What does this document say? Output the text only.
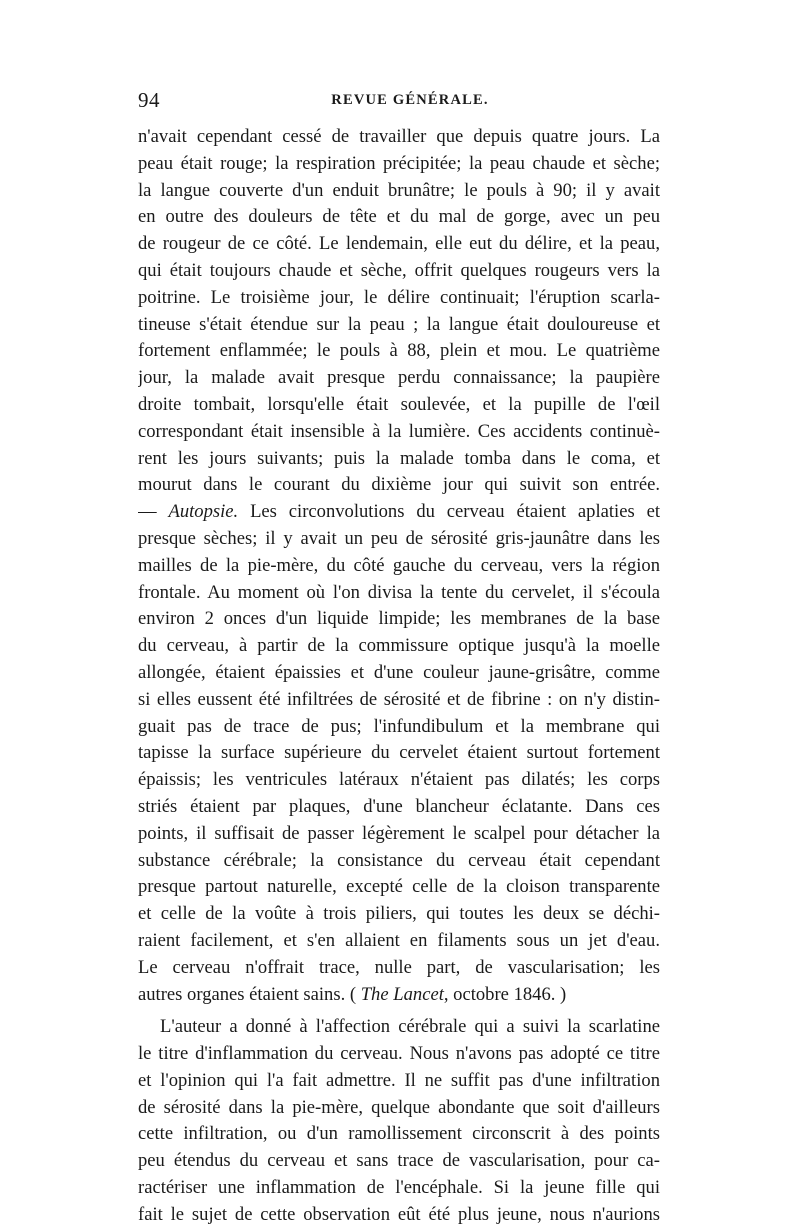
94	REVUE GÉNÉRALE.
n'avait cependant cessé de travailler que depuis quatre jours. La
peau était rouge; la respiration précipitée; la peau chaude et sèche;
la langue couverte d'un enduit brunâtre; le pouls à 90; il y avait
en outre des douleurs de tête et du mal de gorge, avec un peu
de rougeur de ce côté. Le lendemain, elle eut du délire, et la peau,
qui était toujours chaude et sèche, offrit quelques rougeurs vers la
poitrine. Le troisième jour, le délire continuait; l'éruption scarla-
tineuse s'était étendue sur la peau ; la langue était douloureuse et
fortement enflammée; le pouls à 88, plein et mou. Le quatrième
jour, la malade avait presque perdu connaissance; la paupière
droite tombait, lorsqu'elle était soulevée, et la pupille de l'œil
correspondant était insensible à la lumière. Ces accidents continuè-
rent les jours suivants; puis la malade tomba dans le coma, et
mourut dans le courant du dixième jour qui suivit son entrée.
— Autopsie. Les circonvolutions du cerveau étaient aplaties et
presque sèches; il y avait un peu de sérosité gris-jaunâtre dans les
mailles de la pie-mère, du côté gauche du cerveau, vers la région
frontale. Au moment où l'on divisa la tente du cervelet, il s'écoula
environ 2 onces d'un liquide limpide; les membranes de la base
du cerveau, à partir de la commissure optique jusqu'à la moelle
allongée, étaient épaissies et d'une couleur jaune-grisâtre, comme
si elles eussent été infiltrées de sérosité et de fibrine : on n'y distin-
guait pas de trace de pus; l'infundibulum et la membrane qui
tapisse la surface supérieure du cervelet étaient surtout fortement
épaissis; les ventricules latéraux n'étaient pas dilatés; les corps
striés étaient par plaques, d'une blancheur éclatante. Dans ces
points, il suffisait de passer légèrement le scalpel pour détacher la
substance cérébrale; la consistance du cerveau était cependant
presque partout naturelle, excepté celle de la cloison transparente
et celle de la voûte à trois piliers, qui toutes les deux se déchi-
raient facilement, et s'en allaient en filaments sous un jet d'eau.
Le cerveau n'offrait trace, nulle part, de vascularisation; les
autres organes étaient sains. ( The Lancet, octobre 1846. )
L'auteur a donné à l'affection cérébrale qui a suivi la scarlatine
le titre d'inflammation du cerveau. Nous n'avons pas adopté ce titre
et l'opinion qui l'a fait admettre. Il ne suffit pas d'une infiltration
de sérosité dans la pie-mère, quelque abondante que soit d'ailleurs
cette infiltration, ou d'un ramollissement circonscrit à des points
peu étendus du cerveau et sans trace de vascularisation, pour ca-
ractériser une inflammation de l'encéphale. Si la jeune fille qui
fait le sujet de cette observation eût été plus jeune, nous n'aurions
